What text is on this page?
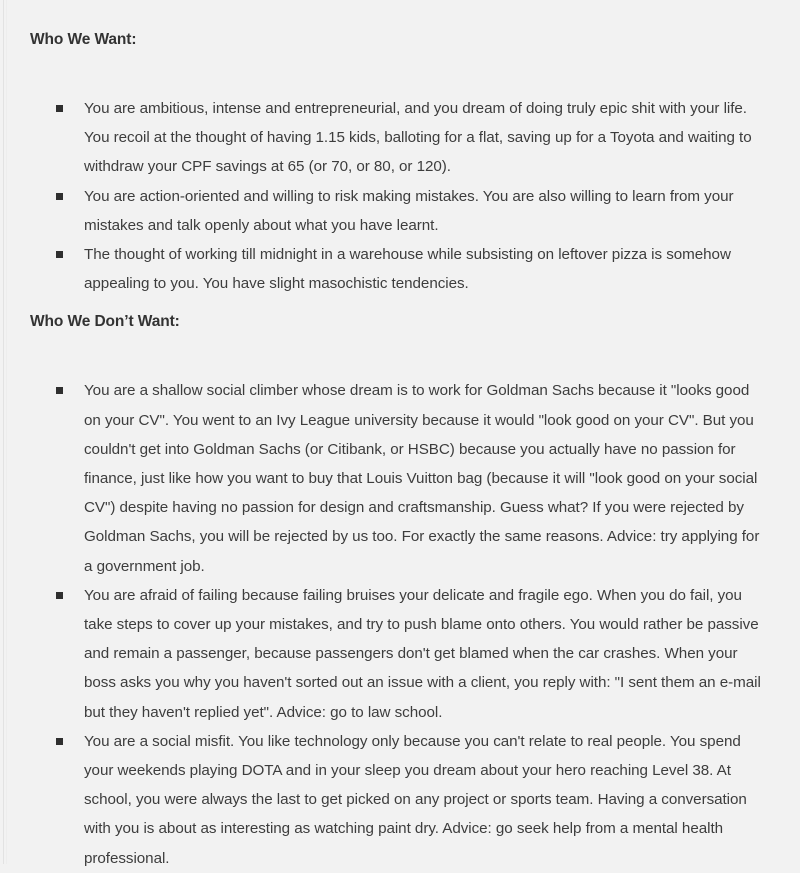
Who We Want:
You are ambitious, intense and entrepreneurial, and you dream of doing truly epic shit with your life. You recoil at the thought of having 1.15 kids, balloting for a flat, saving up for a Toyota and waiting to withdraw your CPF savings at 65 (or 70, or 80, or 120).
You are action-oriented and willing to risk making mistakes. You are also willing to learn from your mistakes and talk openly about what you have learnt.
The thought of working till midnight in a warehouse while subsisting on leftover pizza is somehow appealing to you. You have slight masochistic tendencies.
Who We Don’t Want:
You are a shallow social climber whose dream is to work for Goldman Sachs because it "looks good on your CV". You went to an Ivy League university because it would "look good on your CV". But you couldn't get into Goldman Sachs (or Citibank, or HSBC) because you actually have no passion for finance, just like how you want to buy that Louis Vuitton bag (because it will "look good on your social CV") despite having no passion for design and craftsmanship. Guess what? If you were rejected by Goldman Sachs, you will be rejected by us too. For exactly the same reasons. Advice: try applying for a government job.
You are afraid of failing because failing bruises your delicate and fragile ego. When you do fail, you take steps to cover up your mistakes, and try to push blame onto others. You would rather be passive and remain a passenger, because passengers don't get blamed when the car crashes. When your boss asks you why you haven't sorted out an issue with a client, you reply with: "I sent them an e-mail but they haven't replied yet". Advice: go to law school.
You are a social misfit. You like technology only because you can't relate to real people. You spend your weekends playing DOTA and in your sleep you dream about your hero reaching Level 38. At school, you were always the last to get picked on any project or sports team. Having a conversation with you is about as interesting as watching paint dry. Advice: go seek help from a mental health professional.
